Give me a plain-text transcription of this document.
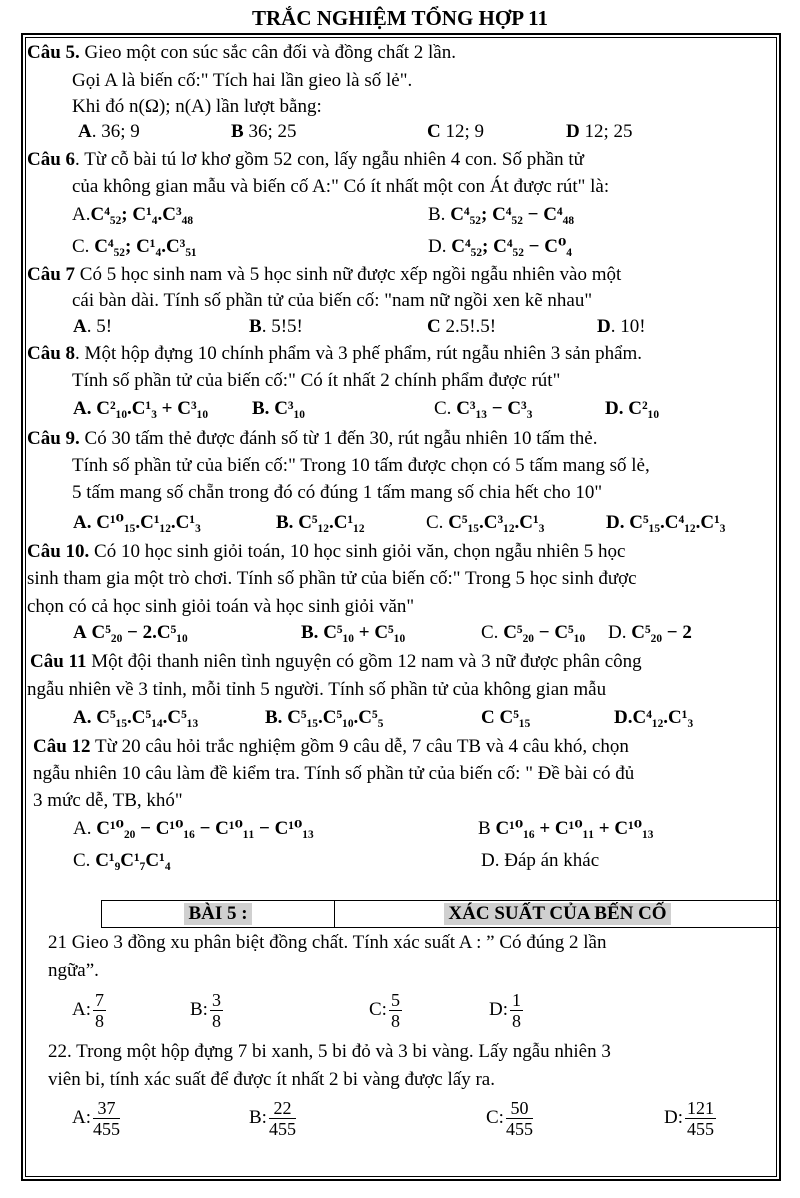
TRẮC NGHIỆM TỔNG HỢP 11
Câu 5. Gieo một con súc sắc cân đối và đồng chất 2 lần.
Gọi A là biến cố:" Tích hai lần gieo là số lẻ".
Khi đó n(Ω); n(A) lần lượt bằng:
A. 36; 9	B 36; 25	C 12; 9	D 12; 25
Câu 6. Từ cỗ bài tú lơ khơ gồm 52 con, lấy ngẫu nhiên 4 con. Số phần tử
của không gian mẫu và biến cố A:" Có ít nhất một con Át được rút" là:
A.C⁴₅₂; C¹₄.C³₄₈	B. C⁴₅₂; C⁴₅₂ − C⁴₄₈
C. C⁴₅₂; C¹₄.C³₅₁	D. C⁴₅₂; C⁴₅₂ − C⁰₄
Câu 7 Có 5 học sinh nam và 5 học sinh nữ được xếp ngồi ngẫu nhiên vào một
cái bàn dài. Tính số phần tử của biến cố: "nam nữ ngồi xen kẽ nhau"
A. 5!	B. 5!5!	C 2.5!.5!	D. 10!
Câu 8. Một hộp đựng 10 chính phẩm và 3 phế phẩm, rút ngẫu nhiên 3 sản phẩm.
Tính số phần tử của biến cố:" Có ít nhất 2 chính phẩm được rút"
A. C²₁₀.C¹₃ + C³₁₀ B. C³₁₀	C. C³₁₃ − C³₃	D. C²₁₀
Câu 9. Có 30 tấm thẻ được đánh số từ 1 đến 30, rút ngẫu nhiên 10 tấm thẻ.
Tính số phần tử của biến cố:" Trong 10 tấm được chọn có 5 tấm mang số lẻ,
5 tấm mang số chẵn trong đó có đúng 1 tấm mang số chia hết cho 10"
A. C¹⁰₁₅.C¹₁₂.C¹₃	B. C⁵₁₂.C¹₁₂	C. C⁵₁₅.C³₁₂.C¹₃	D. C⁵₁₅.C⁴₁₂.C¹₃
Câu 10. Có 10 học sinh giỏi toán, 10 học sinh giỏi văn, chọn ngẫu nhiên 5 học
sinh tham gia một trò chơi. Tính số phần tử của biến cố:" Trong 5 học sinh được
chọn có cả học sinh giỏi toán và học sinh giỏi văn"
A C⁵₂₀ − 2.C⁵₁₀	B. C⁵₁₀ + C⁵₁₀	C. C⁵₂₀ − C⁵₁₀ D. C⁵₂₀ − 2
Câu 11 Một đội thanh niên tình nguyện có gồm 12 nam và 3 nữ được phân công
ngẫu nhiên về 3 tỉnh, mỗi tỉnh 5 người. Tính số phần tử của không gian mẫu
A. C⁵₁₅.C⁵₁₄.C⁵₁₃	B. C⁵₁₅.C⁵₁₀.C⁵₅	C C⁵₁₅	D.C⁴₁₂.C¹₃
Câu 12 Từ 20 câu hỏi trắc nghiệm gồm 9 câu dễ, 7 câu TB và 4 câu khó, chọn
ngẫu nhiên 10 câu làm đề kiểm tra. Tính số phần tử của biến cố: " Đề bài có đủ
3 mức dễ, TB, khó"
A. C¹⁰₂₀ − C¹⁰₁₆ − C¹⁰₁₁ − C¹⁰₁₃	B C¹⁰₁₆ + C¹⁰₁₁ + C¹⁰₁₃
C. C¹₉C¹₇C¹₄	D. Đáp án khác
BÀI 5 :	XÁC SUẤT CỦA BẾN CỐ
21 Gieo 3 đồng xu phân biệt đồng chất. Tính xác suất A : ” Có đúng 2 lần
ngữa”.
A: $\frac{7}{8}$	B: $\frac{3}{8}$	C: $\frac{5}{8}$	D: $\frac{1}{8}$
22. Trong một hộp đựng 7 bi xanh, 5 bi đỏ và 3 bi vàng. Lấy ngẫu nhiên 3
viên bi, tính xác suất để được ít nhất 2 bi vàng được lấy ra.
A: $\frac{37}{455}$	B: $\frac{22}{455}$	C: $\frac{50}{455}$	D: $\frac{121}{455}$
